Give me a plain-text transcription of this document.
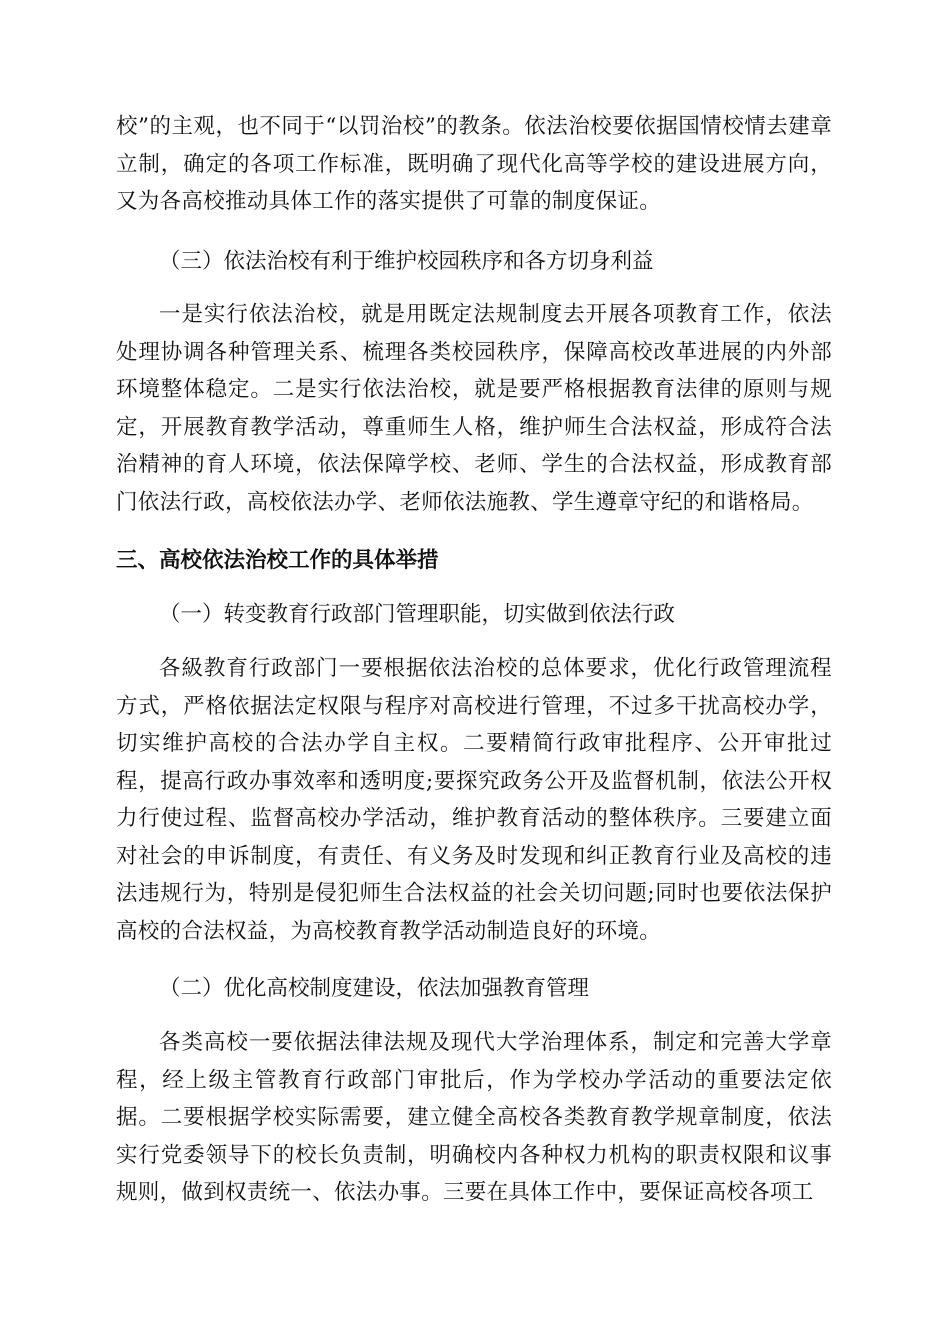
校”的主观，也不同于“以罚治校”的教条。依法治校要依据国情校情去建章立制，确定的各项工作标准，既明确了现代化高等学校的建设进展方向，又为各高校推动具体工作的落实提供了可靠的制度保证。

（三）依法治校有利于维护校园秩序和各方切身利益

一是实行依法治校，就是用既定法规制度去开展各项教育工作，依法处理协调各种管理关系、梳理各类校园秩序，保障高校改革进展的内外部环境整体稳定。二是实行依法治校，就是要严格根据教育法律的原则与规定，开展教育教学活动，尊重师生人格，维护师生合法权益，形成符合法治精神的育人环境，依法保障学校、老师、学生的合法权益，形成教育部门依法行政，高校依法办学、老师依法施教、学生遵章守纪的和谐格局。

三、高校依法治校工作的具体举措

（一）转变教育行政部门管理职能，切实做到依法行政

各級教育行政部门一要根据依法治校的总体要求，优化行政管理流程方式，严格依据法定权限与程序对高校进行管理，不过多干扰高校办学，切实维护高校的合法办学自主权。二要精简行政审批程序、公开审批过程，提高行政办事效率和透明度;要探究政务公开及监督机制，依法公开权力行使过程、监督高校办学活动，维护教育活动的整体秩序。三要建立面对社会的申诉制度，有责任、有义务及时发现和纠正教育行业及高校的违法违规行为，特别是侵犯师生合法权益的社会关切问题;同时也要依法保护高校的合法权益，为高校教育教学活动制造良好的环境。

（二）优化高校制度建设，依法加强教育管理

各类高校一要依据法律法规及现代大学治理体系，制定和完善大学章程，经上级主管教育行政部门审批后，作为学校办学活动的重要法定依据。二要根据学校实际需要，建立健全高校各类教育教学规章制度，依法实行党委领导下的校长负责制，明确校内各种权力机构的职责权限和议事规则，做到权责统一、依法办事。三要在具体工作中，要保证高校各项工
